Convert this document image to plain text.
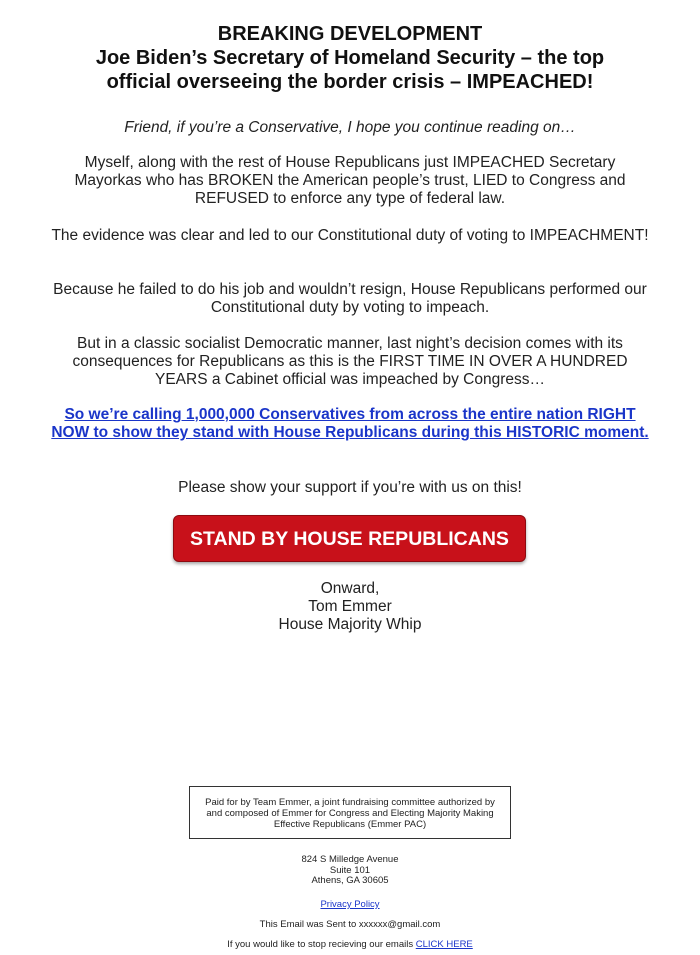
BREAKING DEVELOPMENT
Joe Biden’s Secretary of Homeland Security – the top
official overseeing the border crisis – IMPEACHED!

Friend, if you’re a Conservative, I hope you continue reading on…

Myself, along with the rest of House Republicans just IMPEACHED Secretary Mayorkas who has BROKEN the American people’s trust, LIED to Congress and REFUSED to enforce any type of federal law.

The evidence was clear and led to our Constitutional duty of voting to IMPEACHMENT!

Because he failed to do his job and wouldn’t resign, House Republicans performed our Constitutional duty by voting to impeach.

But in a classic socialist Democratic manner, last night’s decision comes with its consequences for Republicans as this is the FIRST TIME IN OVER A HUNDRED YEARS a Cabinet official was impeached by Congress…

So we’re calling 1,000,000 Conservatives from across the entire nation RIGHT NOW to show they stand with House Republicans during this HISTORIC moment.

Please show your support if you’re with us on this!

STAND BY HOUSE REPUBLICANS
Onward,
Tom Emmer
House Majority Whip
Paid for by Team Emmer, a joint fundraising committee authorized by and composed of Emmer for Congress and Electing Majority Making Effective Republicans (Emmer PAC)
824 S Milledge Avenue
Suite 101
Athens, GA 30605
Privacy Policy
This Email was Sent to xxxxxx@gmail.com
If you would like to stop recieving our emails CLICK HERE
